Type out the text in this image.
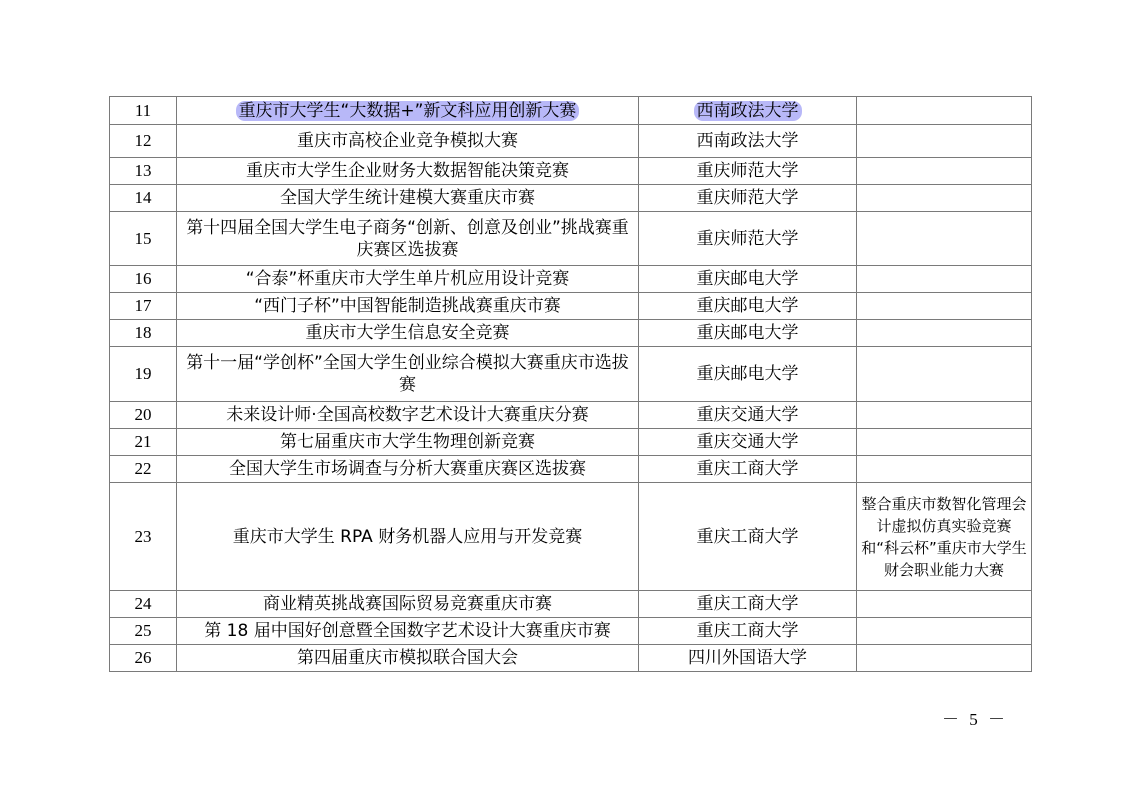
11	重庆市大学生“大数据+”新文科应用创新大赛	西南政法大学	
12	重庆市高校企业竞争模拟大赛	西南政法大学	
13	重庆市大学生企业财务大数据智能决策竞赛	重庆师范大学	
14	全国大学生统计建模大赛重庆市赛	重庆师范大学	
15	第十四届全国大学生电子商务“创新、创意及创业”挑战赛重庆赛区选拔赛	重庆师范大学	
16	“合泰”杯重庆市大学生单片机应用设计竞赛	重庆邮电大学	
17	“西门子杯”中国智能制造挑战赛重庆市赛	重庆邮电大学	
18	重庆市大学生信息安全竞赛	重庆邮电大学	
19	第十一届“学创杯”全国大学生创业综合模拟大赛重庆市选拔赛	重庆邮电大学	
20	未来设计师·全国高校数字艺术设计大赛重庆分赛	重庆交通大学	
21	第七届重庆市大学生物理创新竞赛	重庆交通大学	
22	全国大学生市场调查与分析大赛重庆赛区选拔赛	重庆工商大学	
23	重庆市大学生 RPA 财务机器人应用与开发竞赛	重庆工商大学	整合重庆市数智化管理会计虚拟仿真实验竞赛和“科云杯”重庆市大学生财会职业能力大赛
24	商业精英挑战赛国际贸易竞赛重庆市赛	重庆工商大学	
25	第 18 届中国好创意暨全国数字艺术设计大赛重庆市赛	重庆工商大学	
26	第四届重庆市模拟联合国大会	四川外国语大学	
－ 5 －
